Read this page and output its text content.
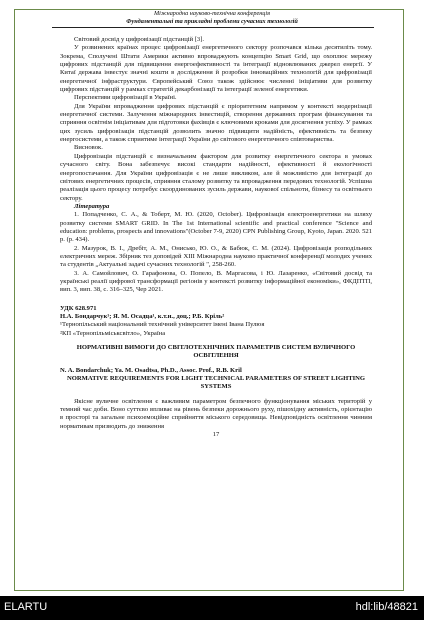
Міжнародна науково-технічна конференція
Фундаментальні та прикладні проблеми сучасних технологій

Світовий досвід у цифровізації підстанцій [3].

У розвинених країнах процес цифровізації енергетичного сектору розпочався кілька десятиліть тому. Зокрема, Сполучені Штати Америки активно впроваджують концепцію Smart Grid, що охоплює мережу цифрових підстанцій для підвищення енергоефективності та інтеграції відновлюваних джерел енергії. У Китаї держава інвестує значні кошти в дослідження й розробки інноваційних технологій для цифровізації енергетичної інфраструктури. Європейський Союз також здійснює численні ініціативи для розвитку цифрових підстанцій у рамках стратегій декарбонізації та інтеграції зеленої енергетики.

Перспективи цифровізації в Україні.

Для України впровадження цифрових підстанцій є пріоритетним напрямом у контексті модернізації енергетичної системи. Залучення міжнародних інвестицій, створення державних програм фінансування та сприяння освітнім ініціативам для підготовки фахівців є ключовими кроками для досягнення успіху. У рамках цих зусиль цифровізація підстанцій дозволить значно підвищити надійність, ефективність та безпеку енергосистеми, а також сприятиме інтеграції України до світового енергетичного співтовариства.

Висновок.

Цифровізація підстанцій є визначальним фактором для розвитку енергетичного сектора в умовах сучасного світу. Вона забезпечує високі стандарти надійності, ефективності й екологічності енергопостачання. Для України цифровізація є не лише викликом, але й можливістю для інтеграції до світових енергетичних процесів, сприяння сталому розвитку та впровадження передових технологій. Успішна реалізація цього процесу потребує скоординованих зусиль держави, наукової спільноти, бізнесу та освітнього сектору.

Література

1. Попадченко, С. А., & Тоберт, М. Ю. (2020, October). Цифровізація електроенергетики на шляху розвитку системи SMART GRID. In The 1st International scientific and practical conference "Science and education: problems, prospects and innovations"(October 7-9, 2020) CPN Publishing Group, Kyoto, Japan. 2020. 521 p. (p. 434).

2. Мазурок, В. І., Дребіт, А. М., Онисько, Ю. О., & Бабюк, С. М. (2024). Цифровізація розподільних електричних мереж. Збірник тез доповідей XIII Міжнародна науково практичної конференції молодих учених та студентів „Актуальні задачі сучасних технологій ", 258-260.

3. А. Самойлович, О. Гарафонова, О. Попело, В. Маргасова, і Ю. Лазаренко, «Світовий досвід та українські реалії цифрової трансформації регіонів у контексті розвитку інформаційної економіки», ФКДПТП, вип. 3, вип. 38, с. 316–325, Чер 2021.

УДК 628.971

Н.А. Бондарчук¹; Я. М. Осадца¹, к.т.н., доц.; Р.Б. Кріль²

¹Тернопільський національний технічний університет імені Івана Пулюя

²КП «Тернопільміськсвітло», Україна

НОРМАТИВНІ ВИМОГИ ДО СВІТЛОТЕХНІЧНИХ ПАРАМЕТРІВ СИСТЕМ ВУЛИЧНОГО ОСВІТЛЕННЯ

N. A. Bondarchuk; Ya. M. Osadtsa, Ph.D., Assoc. Prof., R.B. Kril

NORMATIVE REQUIREMENTS FOR LIGHT TECHNICAL PARAMETERS OF STREET LIGHTING SYSTEMS

Якісне вуличне освітлення є важливим параметром безпечного функціонування міських територій у темний час доби. Воно суттєво впливає на рівень безпеки дорожнього руху, пішохідну активність, орієнтацію в просторі та загальне психоемоційне сприйняття міського середовища. Невідповідність освітлення чинним нормативам призводить до зниження

17

ELARTU	hdl:lib/48821
